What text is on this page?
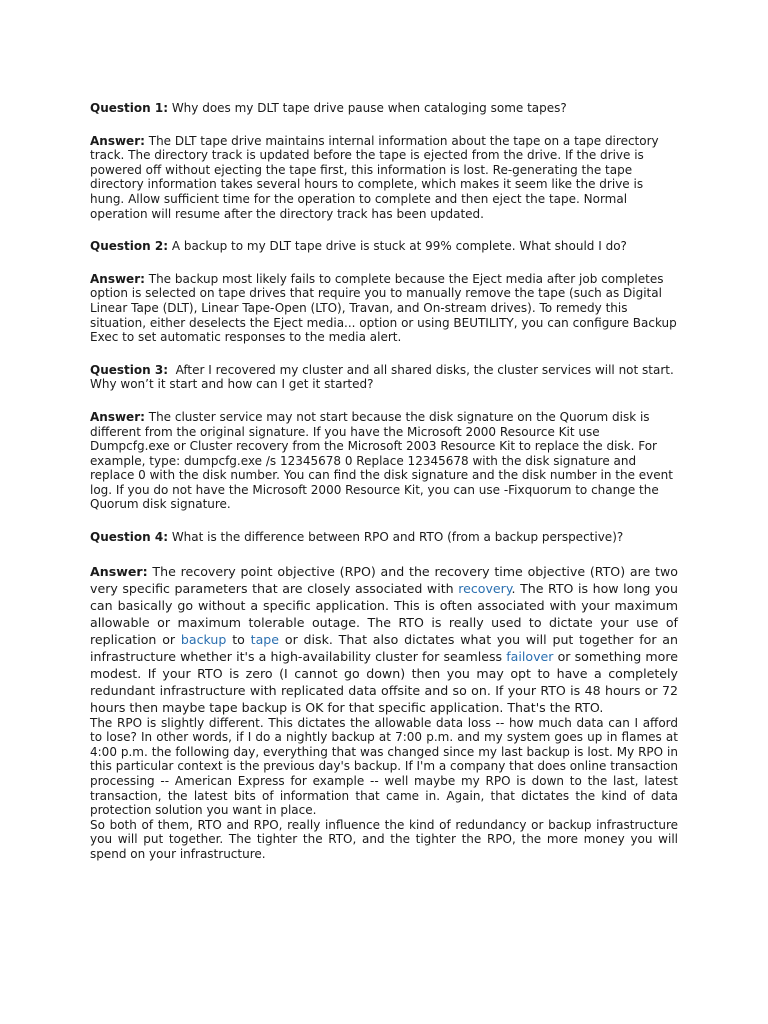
Question 1: Why does my DLT tape drive pause when cataloging some tapes?

Answer: The DLT tape drive maintains internal information about the tape on a tape directory track. The directory track is updated before the tape is ejected from the drive. If the drive is powered off without ejecting the tape first, this information is lost. Re-generating the tape directory information takes several hours to complete, which makes it seem like the drive is hung. Allow sufficient time for the operation to complete and then eject the tape. Normal operation will resume after the directory track has been updated.

Question 2: A backup to my DLT tape drive is stuck at 99% complete. What should I do?

Answer: The backup most likely fails to complete because the Eject media after job completes option is selected on tape drives that require you to manually remove the tape (such as Digital Linear Tape (DLT), Linear Tape-Open (LTO), Travan, and On-stream drives). To remedy this situation, either deselects the Eject media... option or using BEUTILITY, you can configure Backup Exec to set automatic responses to the media alert.

Question 3:  After I recovered my cluster and all shared disks, the cluster services will not start. Why won’t it start and how can I get it started?

Answer: The cluster service may not start because the disk signature on the Quorum disk is different from the original signature. If you have the Microsoft 2000 Resource Kit use Dumpcfg.exe or Cluster recovery from the Microsoft 2003 Resource Kit to replace the disk. For example, type: dumpcfg.exe /s 12345678 0 Replace 12345678 with the disk signature and replace 0 with the disk number. You can find the disk signature and the disk number in the event log. If you do not have the Microsoft 2000 Resource Kit, you can use -Fixquorum to change the Quorum disk signature.

Question 4: What is the difference between RPO and RTO (from a backup perspective)?

Answer: The recovery point objective (RPO) and the recovery time objective (RTO) are two very specific parameters that are closely associated with recovery. The RTO is how long you can basically go without a specific application. This is often associated with your maximum allowable or maximum tolerable outage. The RTO is really used to dictate your use of replication or backup to tape or disk. That also dictates what you will put together for an infrastructure whether it's a high-availability cluster for seamless failover or something more modest. If your RTO is zero (I cannot go down) then you may opt to have a completely redundant infrastructure with replicated data offsite and so on. If your RTO is 48 hours or 72 hours then maybe tape backup is OK for that specific application. That's the RTO.

The RPO is slightly different. This dictates the allowable data loss -- how much data can I afford to lose? In other words, if I do a nightly backup at 7:00 p.m. and my system goes up in flames at 4:00 p.m. the following day, everything that was changed since my last backup is lost. My RPO in this particular context is the previous day's backup. If I'm a company that does online transaction processing -- American Express for example -- well maybe my RPO is down to the last, latest transaction, the latest bits of information that came in. Again, that dictates the kind of data protection solution you want in place.

So both of them, RTO and RPO, really influence the kind of redundancy or backup infrastructure you will put together. The tighter the RTO, and the tighter the RPO, the more money you will spend on your infrastructure.
